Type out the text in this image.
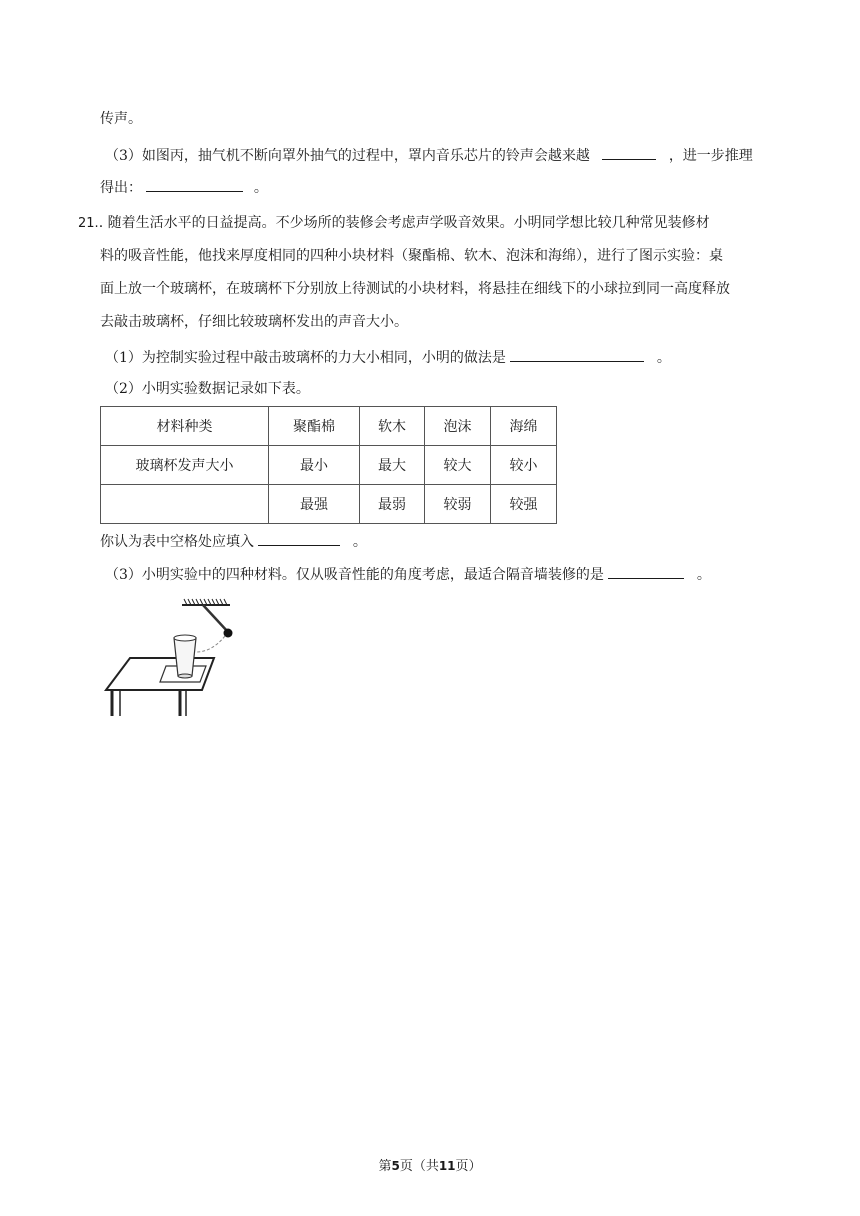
传声。
（3）如图丙，抽气机不断向罩外抽气的过程中，罩内音乐芯片的铃声会越来越	，进一步推理
得出：	。
21.. 随着生活水平的日益提高。不少场所的装修会考虑声学吸音效果。小明同学想比较几种常见装修材
料的吸音性能，他找来厚度相同的四种小块材料（聚酯棉、软木、泡沫和海绵），进行了图示实验：桌
面上放一个玻璃杯，在玻璃杯下分别放上待测试的小块材料，将悬挂在细线下的小球拉到同一高度释放
去敲击玻璃杯，仔细比较玻璃杯发出的声音大小。
（1）为控制实验过程中敲击玻璃杯的力大小相同，小明的做法是	。
（2）小明实验数据记录如下表。
材料种类	聚酯棉	软木	泡沫	海绵
玻璃杯发声大小	最小	最大	较大	较小
	最强	最弱	较弱	较强
你认为表中空格处应填入	。
（3）小明实验中的四种材料。仅从吸音性能的角度考虑，最适合隔音墙装修的是	。
第5页（共11页）
